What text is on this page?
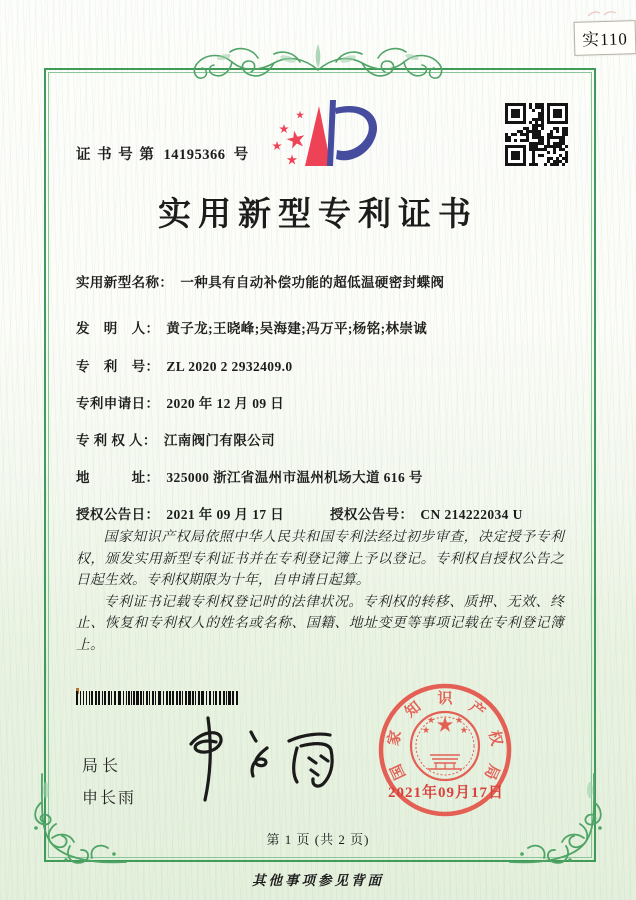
实110
证 书 号 第 14195366 号
实用新型专利证书
实用新型名称： 一种具有自动补偿功能的超低温硬密封蝶阀
发　明　人： 黄子龙;王晓峰;吴海建;冯万平;杨铭;林崇诚
专　利　号： ZL 2020 2 2932409.0
专利申请日： 2020 年 12 月 09 日
专 利 权 人： 江南阀门有限公司
地　　　址： 325000 浙江省温州市温州机场大道 616 号
授权公告日： 2021 年 09 月 17 日	授权公告号： CN 214222034 U

国家知识产权局依照中华人民共和国专利法经过初步审查，决定授予专利权，颁发实用新型专利证书并在专利登记簿上予以登记。专利权自授权公告之日起生效。专利权期限为十年，自申请日起算。

专利证书记载专利权登记时的法律状况。专利权的转移、质押、无效、终止、恢复和专利权人的姓名或名称、国籍、地址变更等事项记载在专利登记簿上。

局长
申长雨
国
家
知
识
产
权
局
2021年09月17日
第 1 页 (共 2 页)
其他事项参见背面
